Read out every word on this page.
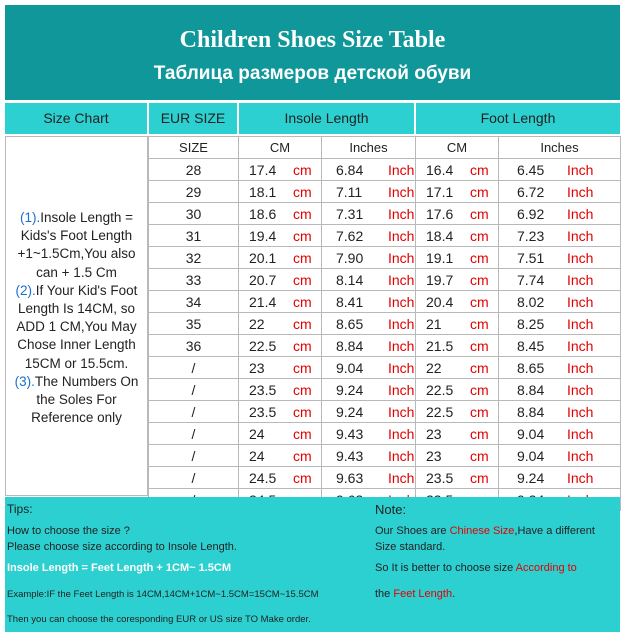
Children Shoes Size Table
Таблица размеров детской обуви
Size Chart	EUR SIZE	Insole Length	Foot Length
(1).Insole Length = Kids's Foot Length +1~1.5Cm,You also can + 1.5 Cm
(2).If Your Kid's Foot Length Is 14CM, so ADD 1 CM,You May Chose Inner Length 15CM or 15.5cm.
(3).The Numbers On the Soles For Reference only
SIZE	CM	Inches	CM	Inches

28	17.4 cm	6.84 Inch	16.4 cm	6.45 Inch

29	18.1 cm	7.11 Inch	17.1 cm	6.72 Inch

30	18.6 cm	7.31 Inch	17.6 cm	6.92 Inch

31	19.4 cm	7.62 Inch	18.4 cm	7.23 Inch

32	20.1 cm	7.90 Inch	19.1 cm	7.51 Inch

33	20.7 cm	8.14 Inch	19.7 cm	7.74 Inch

34	21.4 cm	8.41 Inch	20.4 cm	8.02 Inch

35	22 cm	8.65 Inch	21 cm	8.25 Inch

36	22.5 cm	8.84 Inch	21.5 cm	8.45 Inch

/	23 cm	9.04 Inch	22 cm	8.65 Inch

/	23.5 cm	9.24 Inch	22.5 cm	8.84 Inch

/	23.5 cm	9.24 Inch	22.5 cm	8.84 Inch

/	24 cm	9.43 Inch	23 cm	9.04 Inch

/	24 cm	9.43 Inch	23 cm	9.04 Inch

/	24.5 cm	9.63 Inch	23.5 cm	9.24 Inch

Tips:
How to choose the size ?
Please choose size according to Insole Length.
Insole Length = Feet Length + 1CM~ 1.5CM
Example:IF the Feet Length is 14CM,14CM+1CM~1.5CM=15CM~15.5CM
Then you can choose the coresponding EUR or US size TO Make order.
Note:
Our Shoes are Chinese Size,Have a different
Size standard.
So It is better to choose size According to
the Feet Length.
